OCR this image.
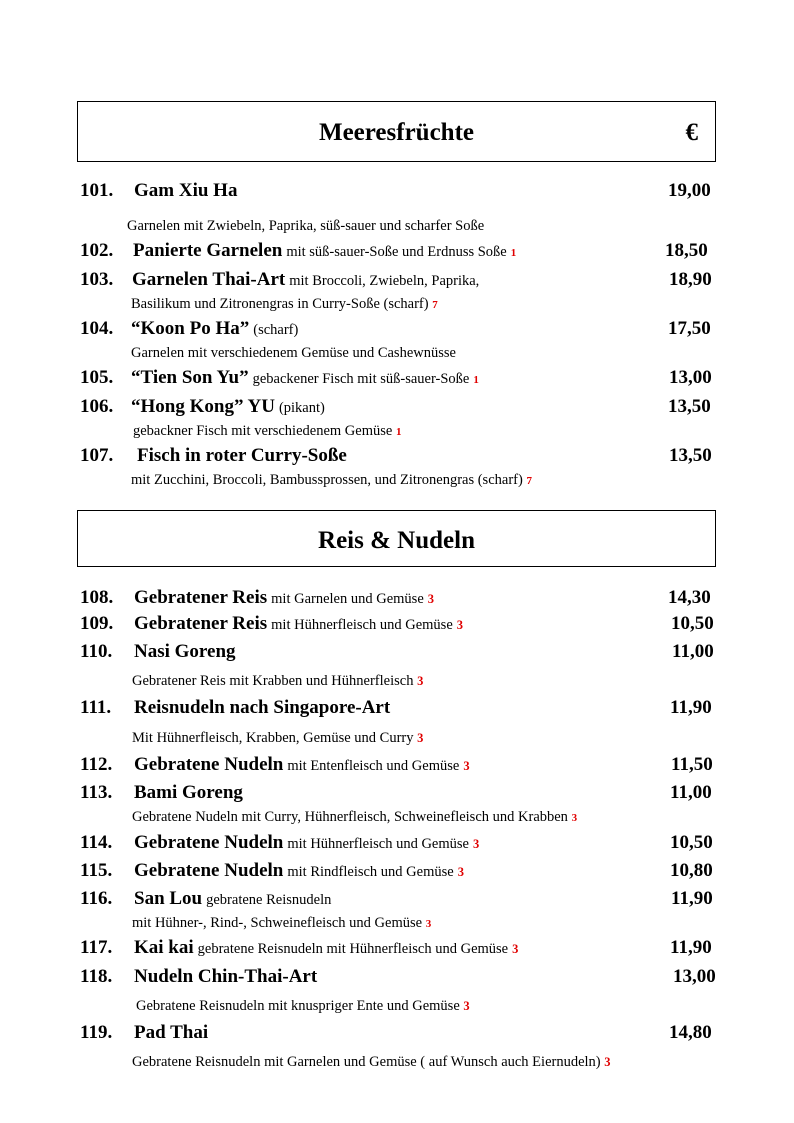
Meeresfrüchte	€
Reis & Nudeln
101. Gam Xiu Ha	19,00
Garnelen mit Zwiebeln, Paprika, süß-sauer und scharfer Soße
102. Panierte Garnelen mit süß-sauer-Soße und Erdnuss Soße 1	18,50
103. Garnelen Thai-Art mit Broccoli, Zwiebeln, Paprika,	18,90
Basilikum und Zitronengras in Curry-Soße (scharf) 7
104. “Koon Po Ha” (scharf)	17,50
Garnelen mit verschiedenem Gemüse und Cashewnüsse
105. “Tien Son Yu” gebackener Fisch mit süß-sauer-Soße 1	13,00
106. “Hong Kong” YU (pikant)	13,50
gebackner Fisch mit verschiedenem Gemüse 1
107. Fisch in roter Curry-Soße	13,50
mit Zucchini, Broccoli, Bambussprossen, und Zitronengras (scharf) 7
108. Gebratener Reis mit Garnelen und Gemüse 3	14,30
109. Gebratener Reis mit Hühnerfleisch und Gemüse 3	10,50
110. Nasi Goreng	11,00
Gebratener Reis mit Krabben und Hühnerfleisch 3
111. Reisnudeln nach Singapore-Art	11,90
Mit Hühnerfleisch, Krabben, Gemüse und Curry 3
112. Gebratene Nudeln mit Entenfleisch und Gemüse 3	11,50
113. Bami Goreng	11,00
Gebratene Nudeln mit Curry, Hühnerfleisch, Schweinefleisch und Krabben 3
114. Gebratene Nudeln mit Hühnerfleisch und Gemüse 3	10,50
115. Gebratene Nudeln mit Rindfleisch und Gemüse 3	10,80
116. San Lou gebratene Reisnudeln	11,90
mit Hühner-, Rind-, Schweinefleisch und Gemüse 3
117. Kai kai gebratene Reisnudeln mit Hühnerfleisch und Gemüse 3	11,90
118. Nudeln Chin-Thai-Art	13,00
Gebratene Reisnudeln mit knuspriger Ente und Gemüse 3
119. Pad Thai	14,80
Gebratene Reisnudeln mit Garnelen und Gemüse ( auf Wunsch auch Eiernudeln) 3
